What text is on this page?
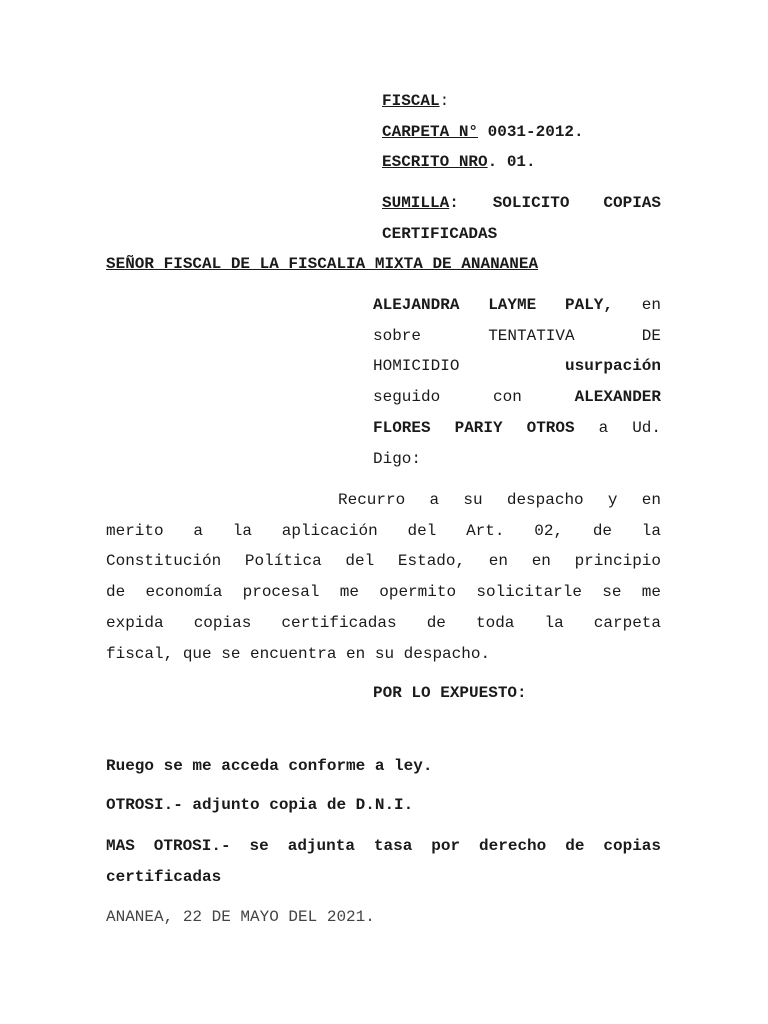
FISCAL:
CARPETA N° 0031-2012.
ESCRITO NRO. 01.
SUMILLA: SOLICITO COPIAS
CERTIFICADAS
SEÑOR FISCAL DE LA FISCALIA MIXTA DE ANANANEA
ALEJANDRA LAYME PALY, en
sobre TENTATIVA DE
HOMICIDIO	usurpación
seguido con	ALEXANDER
FLORES PARIY OTROS a Ud.
Digo:
Recurro a su despacho y en
merito a la aplicación del Art. 02, de la
Constitución Política del Estado, en en principio
de economía procesal me opermito solicitarle se me
expida copias certificadas de toda la carpeta
fiscal, que se encuentra en su despacho.
POR LO EXPUESTO:
Ruego se me acceda conforme a ley.
OTROSI.- adjunto copia de D.N.I.
MAS OTROSI.- se adjunta tasa por derecho de copias
certificadas
ANANEA, 22 DE MAYO DEL 2021.
